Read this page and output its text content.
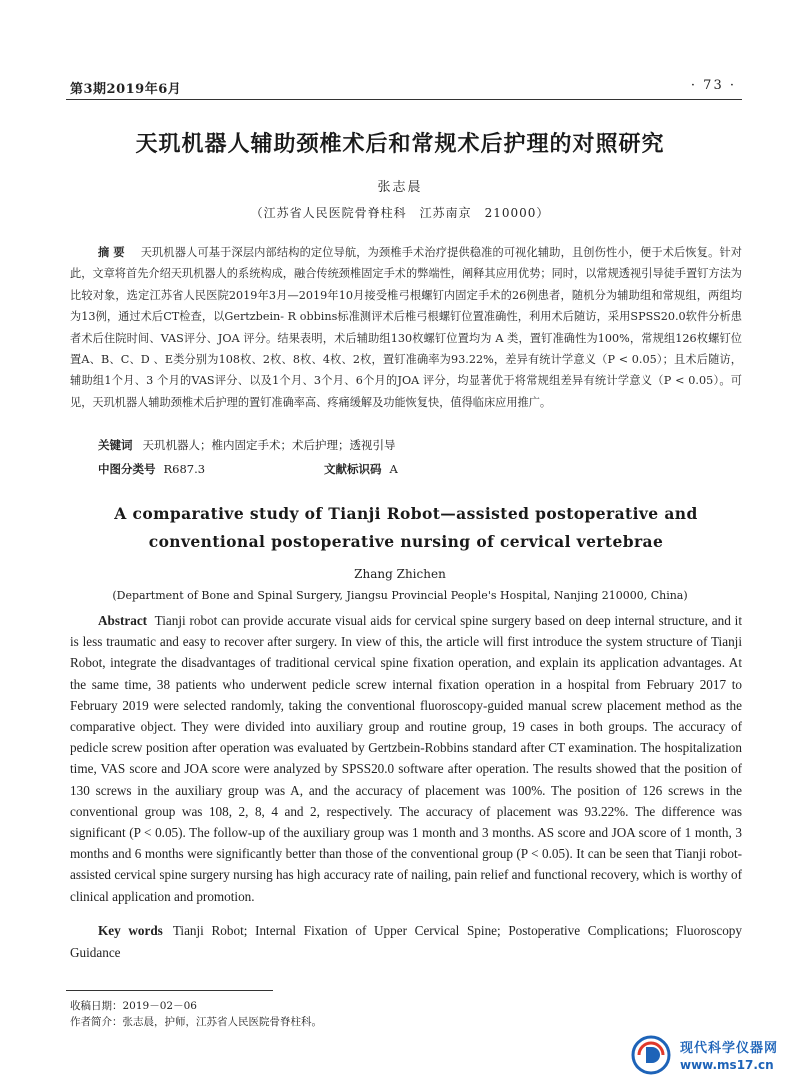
第3期2019年6月	· 73 ·
天玑机器人辅助颈椎术后和常规术后护理的对照研究
张志晨
（江苏省人民医院骨脊柱科　江苏南京　210000）
摘要 天玑机器人可基于深层内部结构的定位导航，为颈椎手术治疗提供稳准的可视化辅助，且创伤性小，便于术后恢复。针对此，文章将首先介绍天玑机器人的系统构成，融合传统颈椎固定手术的弊端性，阐释其应用优势；同时，以常规透视引导徒手置钉方法为比较对象，选定江苏省人民医院2019年3月—2019年10月接受椎弓根螺钉内固定手术的26例患者，随机分为辅助组和常规组，两组均为13例，通过术后CT检查，以Gertzbein- R obbins标准测评术后椎弓根螺钉位置准确性，利用术后随访，采用SPSS20.0软件分析患者术后住院时间、VAS评分、JOA 评分。结果表明，术后辅助组130枚螺钉位置均为 A 类，置钉准确性为100%，常规组126枚螺钉位置A、B、C、D 、E类分别为108枚、2枚、8枚、4枚、2枚，置钉准确率为93.22%，差异有统计学意义（P < 0.05）；且术后随访，辅助组1个月、3 个月的VAS评分、以及1个月、3个月、6个月的JOA 评分，均显著优于将常规组差异有统计学意义（P < 0.05）。可见，天玑机器人辅助颈椎术后护理的置钉准确率高、疼痛缓解及功能恢复快，值得临床应用推广。
关键词 天玑机器人；椎内固定手术；术后护理；透视引导
中图分类号 R687.3	文献标识码 A
A comparative study of Tianji Robot—assisted postoperative and conventional postoperative nursing of cervical vertebrae
Zhang Zhichen
(Department of Bone and Spinal Surgery, Jiangsu Provincial People's Hospital, Nanjing 210000, China)
Abstract Tianji robot can provide accurate visual aids for cervical spine surgery based on deep internal structure, and it is less traumatic and easy to recover after surgery. In view of this, the article will first introduce the system structure of Tianji Robot, integrate the disadvantages of traditional cervical spine fixation operation, and explain its application advantages. At the same time, 38 patients who underwent pedicle screw internal fixation operation in a hospital from February 2017 to February 2019 were selected randomly, taking the conventional fluoroscopy-guided manual screw placement method as the comparative object. They were divided into auxiliary group and routine group, 19 cases in both groups. The accuracy of pedicle screw position after operation was evaluated by Gertzbein-Robbins standard after CT examination. The hospitalization time, VAS score and JOA score were analyzed by SPSS20.0 software after operation. The results showed that the position of 130 screws in the auxiliary group was A, and the accuracy of placement was 100%. The position of 126 screws in the conventional group was 108, 2, 8, 4 and 2, respectively. The accuracy of placement was 93.22%. The difference was significant (P < 0.05). The follow-up of the auxiliary group was 1 month and 3 months. AS score and JOA score of 1 month, 3 months and 6 months were significantly better than those of the conventional group (P < 0.05). It can be seen that Tianji robot-assisted cervical spine surgery nursing has high accuracy rate of nailing, pain relief and functional recovery, which is worthy of clinical application and promotion.
Key words Tianji Robot; Internal Fixation of Upper Cervical Spine; Postoperative Complications; Fluoroscopy Guidance
收稿日期：2019－02－06
作者简介：张志晨，护师，江苏省人民医院骨脊柱科。
现代科学仪器网
www.ms17.cn
